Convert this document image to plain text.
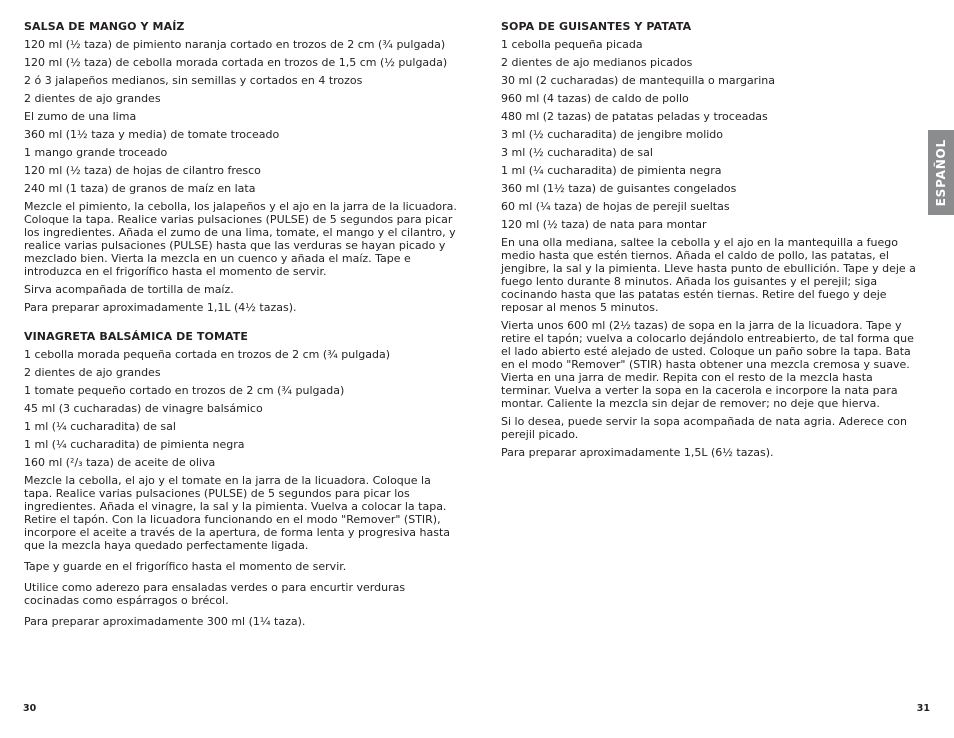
SALSA DE MANGO Y MAÍZ

120 ml (½ taza) de pimiento naranja cortado en trozos de 2 cm (¾ pulgada)

120 ml (½ taza) de cebolla morada cortada en trozos de 1,5 cm (½ pulgada)

2 ó 3 jalapeños medianos, sin semillas y cortados en 4 trozos

2 dientes de ajo grandes

El zumo de una lima

360 ml (1½ taza y media) de tomate troceado

1 mango grande troceado

120 ml (½ taza) de hojas de cilantro fresco

240 ml (1 taza) de granos de maíz en lata

Mezcle el pimiento, la cebolla, los jalapeños y el ajo en la jarra de la licuadora. Coloque la tapa. Realice varias pulsaciones (PULSE) de 5 segundos para picar los ingredientes. Añada el zumo de una lima, tomate, el mango y el cilantro, y realice varias pulsaciones (PULSE) hasta que las verduras se hayan picado y mezclado bien. Vierta la mezcla en un cuenco y añada el maíz. Tape e introduzca en el frigorífico hasta el momento de servir.

Sirva acompañada de tortilla de maíz.

Para preparar aproximadamente 1,1L (4½ tazas).

VINAGRETA BALSÁMICA DE TOMATE

1 cebolla morada pequeña cortada en trozos de 2 cm (¾ pulgada)

2 dientes de ajo grandes

1 tomate pequeño cortado en trozos de 2 cm (¾ pulgada)

45 ml (3 cucharadas) de vinagre balsámico

1 ml (¼ cucharadita) de sal

1 ml (¼ cucharadita) de pimienta negra

160 ml (²/₃ taza) de aceite de oliva

Mezcle la cebolla, el ajo y el tomate en la jarra de la licuadora. Coloque la tapa. Realice varias pulsaciones (PULSE) de 5 segundos para picar los ingredientes. Añada el vinagre, la sal y la pimienta. Vuelva a colocar la tapa. Retire el tapón. Con la licuadora funcionando en el modo "Remover" (STIR), incorpore el aceite a través de la apertura, de forma lenta y progresiva hasta que la mezcla haya quedado perfectamente ligada.

Tape y guarde en el frigorífico hasta el momento de servir.

Utilice como aderezo para ensaladas verdes o para encurtir verduras cocinadas como espárragos o brécol.

Para preparar aproximadamente 300 ml (1¼ taza).

SOPA DE GUISANTES Y PATATA

1 cebolla pequeña picada

2 dientes de ajo medianos picados

30 ml (2 cucharadas) de mantequilla o margarina

960 ml (4 tazas) de caldo de pollo

480 ml (2 tazas) de patatas peladas y troceadas

3 ml (½ cucharadita) de jengibre molido

3 ml (½ cucharadita) de sal

1 ml (¼ cucharadita) de pimienta negra

360 ml (1½ taza) de guisantes congelados

60 ml (¼ taza) de hojas de perejil sueltas

120 ml (½ taza) de nata para montar

En una olla mediana, saltee la cebolla y el ajo en la mantequilla a fuego medio hasta que estén tiernos. Añada el caldo de pollo, las patatas, el jengibre, la sal y la pimienta. Lleve hasta punto de ebullición. Tape y deje a fuego lento durante 8 minutos. Añada los guisantes y el perejil; siga cocinando hasta que las patatas estén tiernas. Retire del fuego y deje reposar al menos 5 minutos.

Vierta unos 600 ml (2½ tazas) de sopa en la jarra de la licuadora. Tape y retire el tapón; vuelva a colocarlo dejándolo entreabierto, de tal forma que el lado abierto esté alejado de usted. Coloque un paño sobre la tapa. Bata en el modo "Remover" (STIR) hasta obtener una mezcla cremosa y suave. Vierta en una jarra de medir. Repita con el resto de la mezcla hasta terminar. Vuelva a verter la sopa en la cacerola e incorpore la nata para montar. Caliente la mezcla sin dejar de remover; no deje que hierva.

Si lo desea, puede servir la sopa acompañada de nata agria. Aderece con perejil picado.

Para preparar aproximadamente 1,5L (6½ tazas).

ESPAÑOL
30	31
